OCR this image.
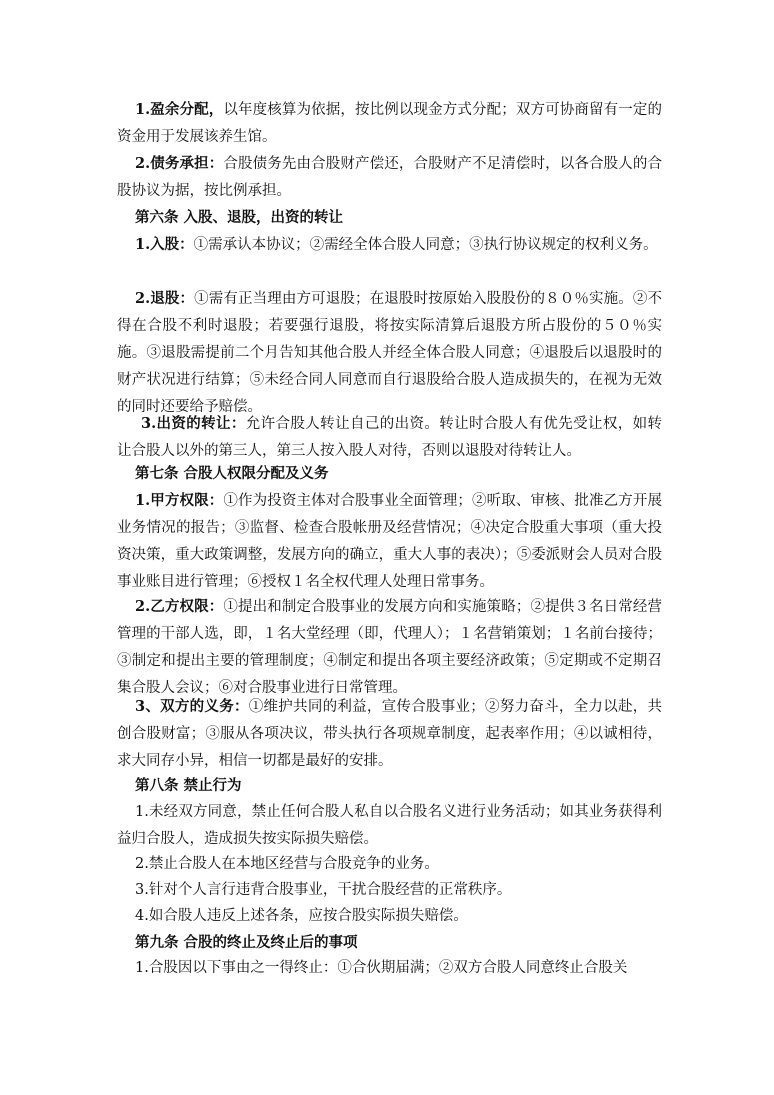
1.盈余分配，以年度核算为依据，按比例以现金方式分配；双方可协商留有一定的资金用于发展该养生馆。
2.债务承担：合股债务先由合股财产偿还，合股财产不足清偿时，以各合股人的合股协议为据，按比例承担。
第六条 入股、退股，出资的转让
1.入股：①需承认本协议；②需经全体合股人同意；③执行协议规定的权利义务。
2.退股：①需有正当理由方可退股；在退股时按原始入股股份的８０％实施。②不得在合股不利时退股；若要强行退股，将按实际清算后退股方所占股份的５０％实施。③退股需提前二个月告知其他合股人并经全体合股人同意；④退股后以退股时的财产状况进行结算；⑤未经合同人同意而自行退股给合股人造成损失的，在视为无效的同时还要给予赔偿。
3.出资的转让：允许合股人转让自己的出资。转让时合股人有优先受让权，如转让合股人以外的第三人，第三人按入股人对待，否则以退股对待转让人。
第七条 合股人权限分配及义务
1.甲方权限：①作为投资主体对合股事业全面管理；②听取、审核、批准乙方开展业务情况的报告；③监督、检查合股帐册及经营情况；④决定合股重大事项（重大投资决策，重大政策调整，发展方向的确立，重大人事的表决）；⑤委派财会人员对合股事业账目进行管理；⑥授权１名全权代理人处理日常事务。
2.乙方权限：①提出和制定合股事业的发展方向和实施策略；②提供３名日常经营管理的干部人选，即，１名大堂经理（即，代理人）；１名营销策划；１名前台接待；③制定和提出主要的管理制度；④制定和提出各项主要经济政策；⑤定期或不定期召集合股人会议；⑥对合股事业进行日常管理。
3、双方的义务：①维护共同的利益，宣传合股事业；②努力奋斗，全力以赴，共创合股财富；③服从各项决议，带头执行各项规章制度，起表率作用；④以诚相待，求大同存小异，相信一切都是最好的安排。
第八条 禁止行为
1.未经双方同意，禁止任何合股人私自以合股名义进行业务活动；如其业务获得利益归合股人，造成损失按实际损失赔偿。
2.禁止合股人在本地区经营与合股竞争的业务。
3.针对个人言行违背合股事业，干扰合股经营的正常秩序。
4.如合股人违反上述各条，应按合股实际损失赔偿。
第九条 合股的终止及终止后的事项
1.合股因以下事由之一得终止：①合伙期届满；②双方合股人同意终止合股关
